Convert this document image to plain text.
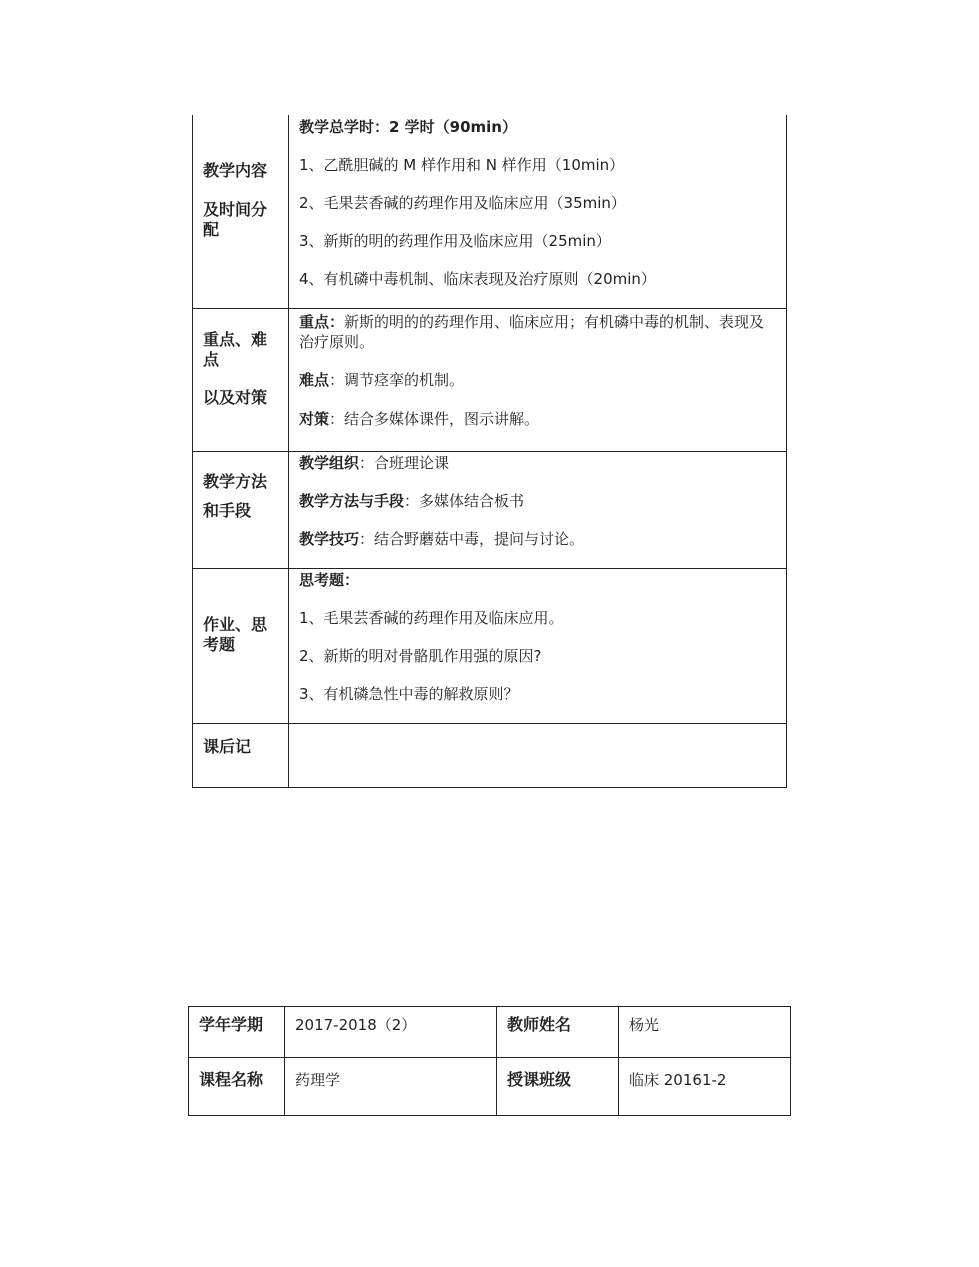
教学内容
及时间分配	教学总学时：2 学时（90min）
1、乙酰胆碱的 M 样作用和 N 样作用（10min）
2、毛果芸香碱的药理作用及临床应用（35min）
3、新斯的明的药理作用及临床应用（25min）
4、有机磷中毒机制、临床表现及治疗原则（20min）

重点、难点
以及对策	重点：新斯的明的的药理作用、临床应用；有机磷中毒的机制、表现及治疗原则。
难点：调节痉挛的机制。
对策：结合多媒体课件，图示讲解。

教学方法
和手段	教学组织：合班理论课
教学方法与手段：多媒体结合板书
教学技巧：结合野蘑菇中毒，提问与讨论。

作业、思考题	思考题：
1、毛果芸香碱的药理作用及临床应用。
2、新斯的明对骨骼肌作用强的原因?
3、有机磷急性中毒的解救原则？

课后记	

学年学期	2017-2018（2）	教师姓名	杨光
课程名称	药理学	授课班级	临床 20161-2
